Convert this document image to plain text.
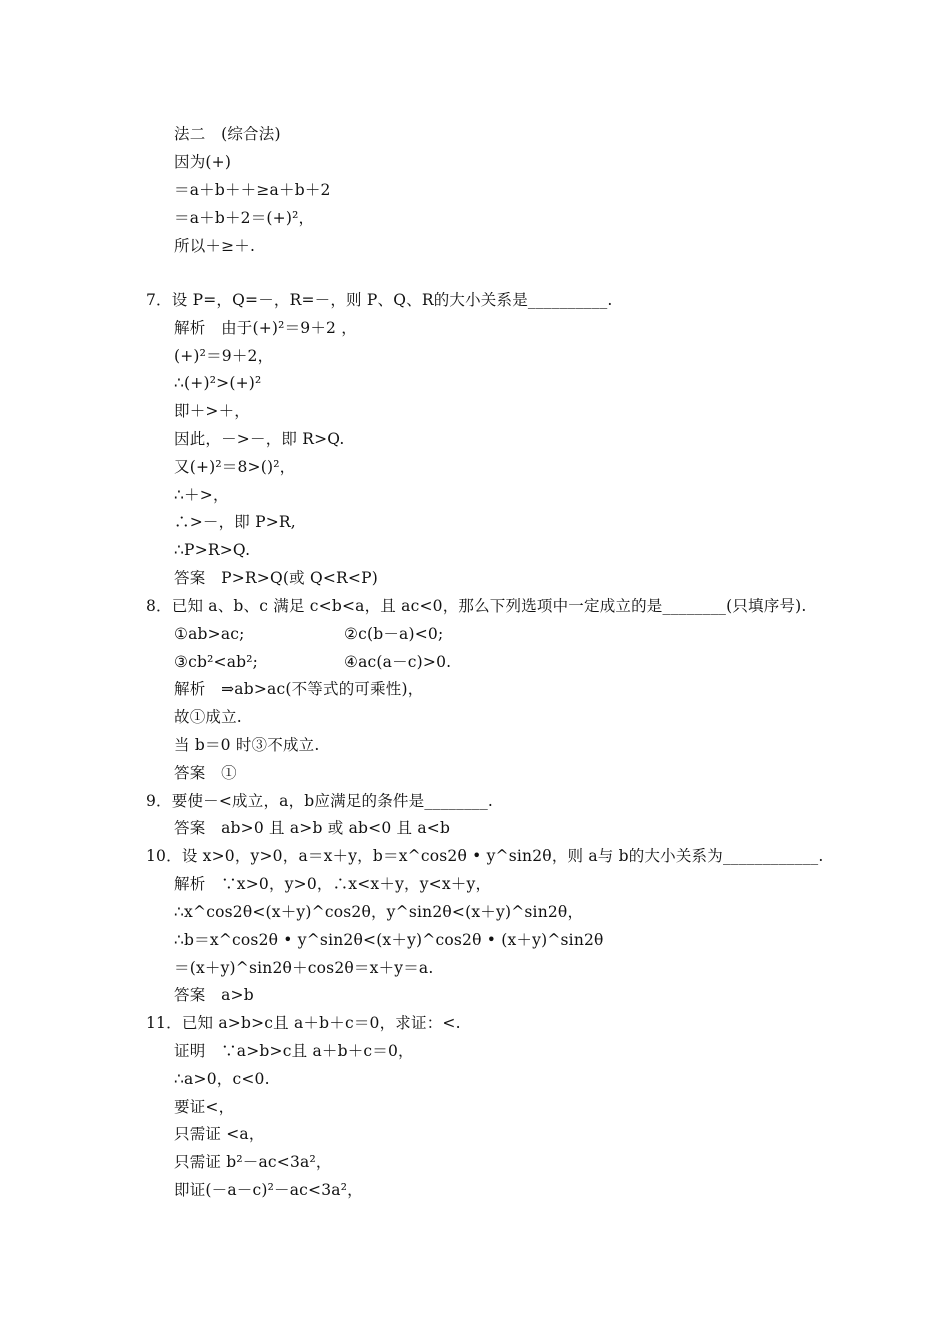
法二　(综合法)
因为(+)
＝a＋b＋＋≥a＋b＋2
＝a＋b＋2＝(+)²，
所以＋≥＋.
7．设 P=，Q=－，R=－，则 P、Q、R的大小关系是__________.
解析　由于(+)²＝9＋2 ，
(+)²＝9＋2，
∴(+)²>(+)²
即＋>＋，
因此，－>－，即 R>Q.
又(+)²＝8>()²，
∴＋>，
∴>－，即 P>R,
∴P>R>Q.
答案　P>R>Q(或 Q<R<P)
8．已知 a、b、c 满足 c<b<a，且 ac<0，那么下列选项中一定成立的是________(只填序号).
①ab>ac;	②c(b－a)<0;
③cb²<ab²;	④ac(a－c)>0.
解析　⇒ab>ac(不等式的可乘性)，
故①成立.
当 b＝0 时③不成立.
答案　①
9．要使－<成立，a，b应满足的条件是________.
答案　ab>0 且 a>b 或 ab<0 且 a<b
10．设 x>0，y>0，a＝x＋y，b＝x^cos2θ • y^sin2θ，则 a与 b的大小关系为____________.
解析　∵x>0，y>0，∴x<x＋y，y<x＋y，
∴x^cos2θ<(x＋y)^cos2θ，y^sin2θ<(x＋y)^sin2θ，
∴b＝x^cos2θ • y^sin2θ<(x＋y)^cos2θ • (x＋y)^sin2θ
＝(x＋y)^sin2θ＋cos2θ＝x＋y＝a.
答案　a>b
11．已知 a>b>c且 a＋b＋c＝0，求证：<.
证明　∵a>b>c且 a＋b＋c＝0，
∴a>0，c<0.
要证<，
只需证 <a，
只需证 b²－ac<3a²，
即证(－a－c)²－ac<3a²，
